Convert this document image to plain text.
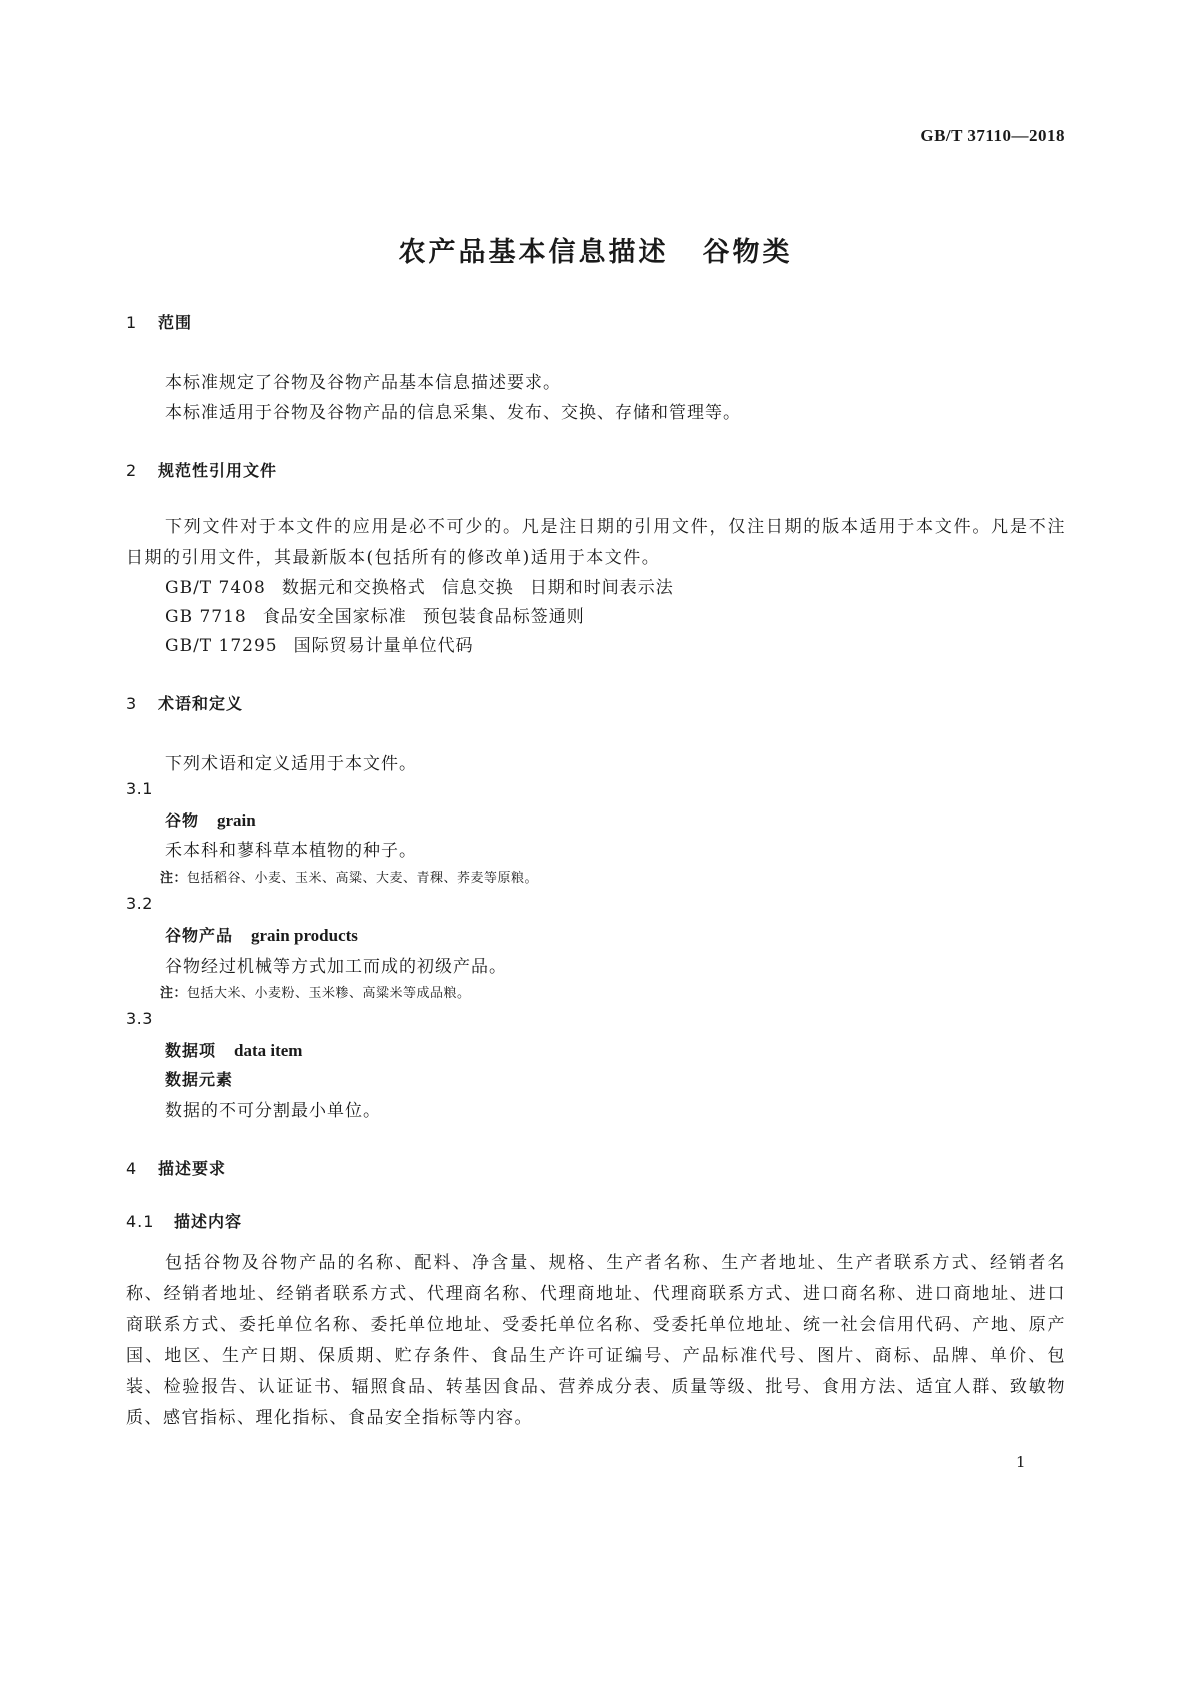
GB/T 37110—2018
农产品基本信息描述 谷物类
1 范围
本标准规定了谷物及谷物产品基本信息描述要求。
本标准适用于谷物及谷物产品的信息采集、发布、交换、存储和管理等。
2 规范性引用文件
下列文件对于本文件的应用是必不可少的。凡是注日期的引用文件，仅注日期的版本适用于本文件。凡是不注日期的引用文件，其最新版本(包括所有的修改单)适用于本文件。
GB/T 7408 数据元和交换格式 信息交换 日期和时间表示法
GB 7718 食品安全国家标准 预包装食品标签通则
GB/T 17295 国际贸易计量单位代码
3 术语和定义
下列术语和定义适用于本文件。
3.1
谷物 grain
禾本科和蓼科草本植物的种子。
注：包括稻谷、小麦、玉米、高粱、大麦、青稞、荞麦等原粮。
3.2
谷物产品 grain products
谷物经过机械等方式加工而成的初级产品。
注：包括大米、小麦粉、玉米糁、高粱米等成品粮。
3.3
数据项 data item
数据元素
数据的不可分割最小单位。
4 描述要求
4.1 描述内容
包括谷物及谷物产品的名称、配料、净含量、规格、生产者名称、生产者地址、生产者联系方式、经销者名称、经销者地址、经销者联系方式、代理商名称、代理商地址、代理商联系方式、进口商名称、进口商地址、进口商联系方式、委托单位名称、委托单位地址、受委托单位名称、受委托单位地址、统一社会信用代码、产地、原产国、地区、生产日期、保质期、贮存条件、食品生产许可证编号、产品标准代号、图片、商标、品牌、单价、包装、检验报告、认证证书、辐照食品、转基因食品、营养成分表、质量等级、批号、食用方法、适宜人群、致敏物质、感官指标、理化指标、食品安全指标等内容。
1
